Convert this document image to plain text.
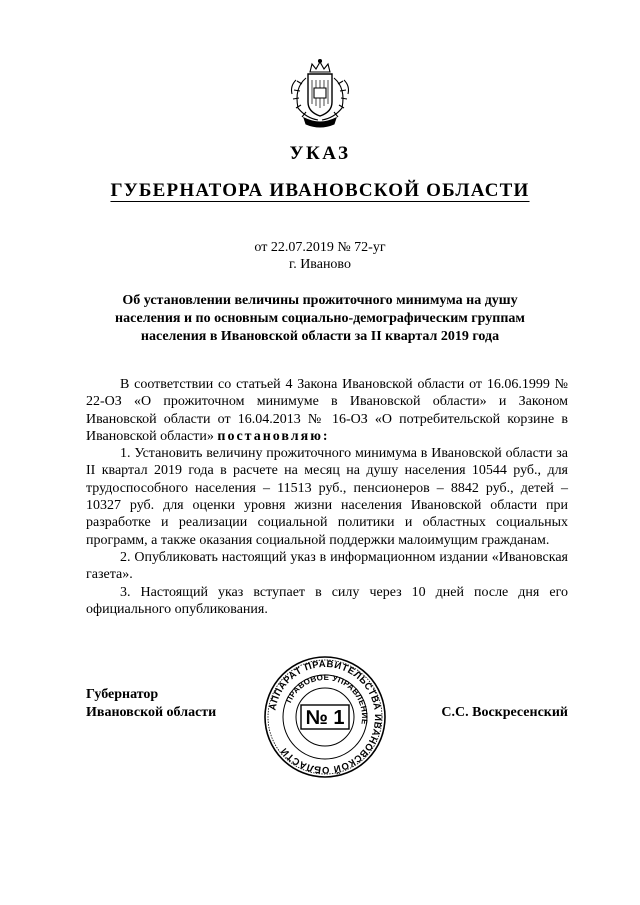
УКАЗ
ГУБЕРНАТОРА ИВАНОВСКОЙ ОБЛАСТИ
от 22.07.2019 № 72-уг
г. Иваново
Об установлении величины прожиточного минимума на душу населения и по основным социально-демографическим группам населения в Ивановской области за II квартал 2019 года

В соответствии со статьей 4 Закона Ивановской области от 16.06.1999 № 22-ОЗ «О прожиточном минимуме в Ивановской области» и Законом Ивановской области от 16.04.2013 № 16-ОЗ «О потребительской корзине в Ивановской области» постановляю:

1. Установить величину прожиточного минимума в Ивановской области за II квартал 2019 года в расчете на месяц на душу населения 10544 руб., для трудоспособного населения – 11513 руб., пенсионеров – 8842 руб., детей – 10327 руб. для оценки уровня жизни населения Ивановской области при разработке и реализации социальной политики и областных социальных программ, а также оказания социальной поддержки малоимущим гражданам.

2. Опубликовать настоящий указ в информационном издании «Ивановская газета».

3. Настоящий указ вступает в силу через 10 дней после дня его официального опубликования.

Губернатор
Ивановской области	АППАРАТ ПРАВИТЕЛЬСТВА ИВАНОВСКОЙ ОБЛАСТИ
ПРАВОВОЕ УПРАВЛЕНИЕ
№ 1	С.С. Воскресенский
